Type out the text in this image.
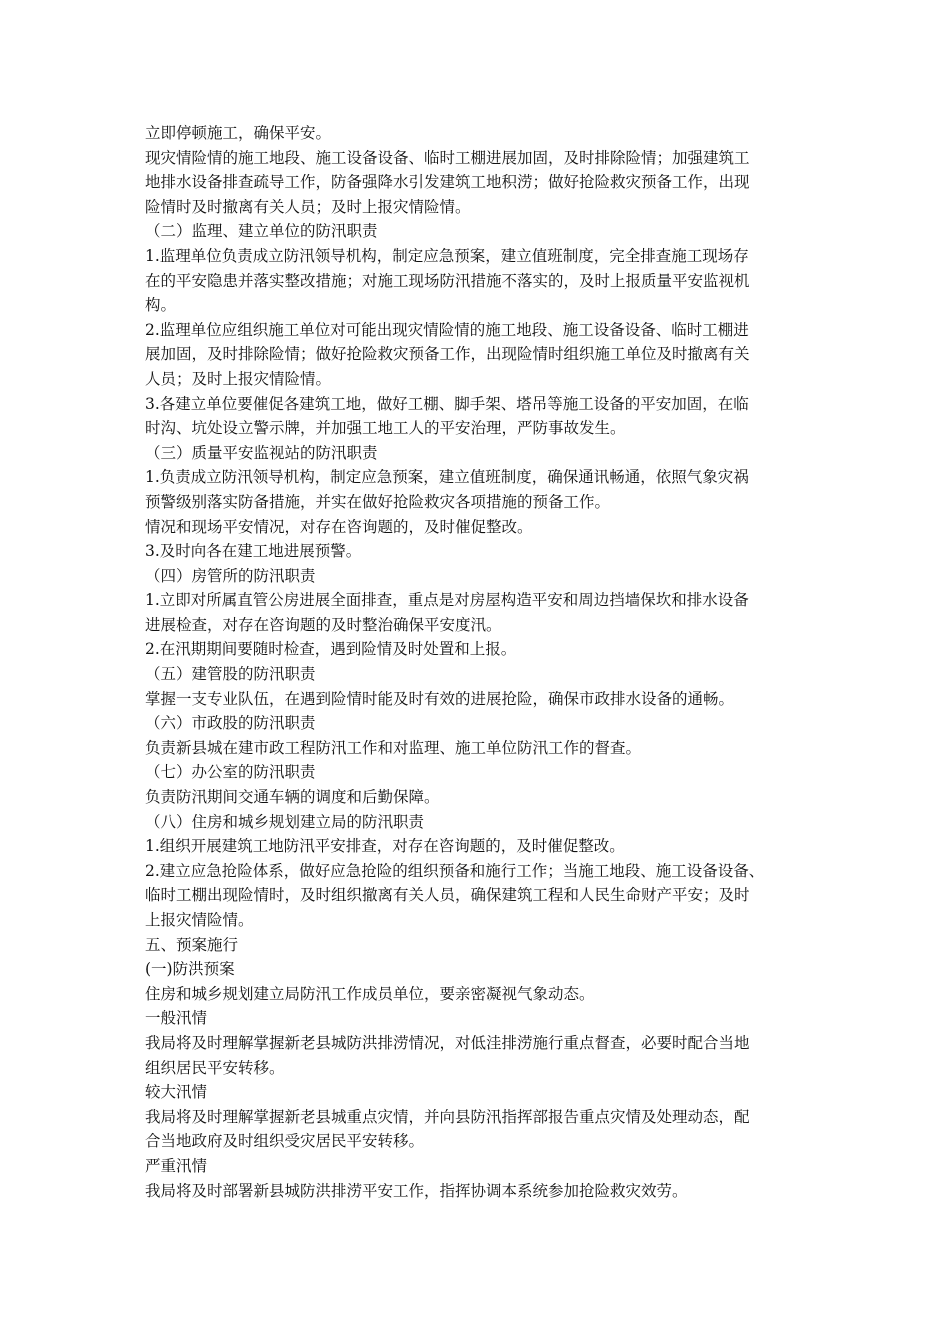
立即停顿施工，确保平安。
现灾情险情的施工地段、施工设备设备、临时工棚进展加固，及时排除险情；加强建筑工
地排水设备排查疏导工作，防备强降水引发建筑工地积涝；做好抢险救灾预备工作，出现
险情时及时撤离有关人员；及时上报灾情险情。
（二）监理、建立单位的防汛职责
1.监理单位负责成立防汛领导机构，制定应急预案，建立值班制度，完全排查施工现场存
在的平安隐患并落实整改措施；对施工现场防汛措施不落实的，及时上报质量平安监视机
构。
2.监理单位应组织施工单位对可能出现灾情险情的施工地段、施工设备设备、临时工棚进
展加固，及时排除险情；做好抢险救灾预备工作，出现险情时组织施工单位及时撤离有关
人员；及时上报灾情险情。
3.各建立单位要催促各建筑工地，做好工棚、脚手架、塔吊等施工设备的平安加固，在临
时沟、坑处设立警示牌，并加强工地工人的平安治理，严防事故发生。
（三）质量平安监视站的防汛职责
1.负责成立防汛领导机构，制定应急预案，建立值班制度，确保通讯畅通，依照气象灾祸
预警级别落实防备措施，并实在做好抢险救灾各项措施的预备工作。
情况和现场平安情况，对存在咨询题的，及时催促整改。
3.及时向各在建工地进展预警。
（四）房管所的防汛职责
1.立即对所属直管公房进展全面排查，重点是对房屋构造平安和周边挡墙保坎和排水设备
进展检查，对存在咨询题的及时整治确保平安度汛。
2.在汛期期间要随时检查，遇到险情及时处置和上报。
（五）建管股的防汛职责
掌握一支专业队伍，在遇到险情时能及时有效的进展抢险，确保市政排水设备的通畅。
（六）市政股的防汛职责
负责新县城在建市政工程防汛工作和对监理、施工单位防汛工作的督查。
（七）办公室的防汛职责
负责防汛期间交通车辆的调度和后勤保障。
（八）住房和城乡规划建立局的防汛职责
1.组织开展建筑工地防汛平安排查，对存在咨询题的，及时催促整改。
2.建立应急抢险体系，做好应急抢险的组织预备和施行工作；当施工地段、施工设备设备、
临时工棚出现险情时，及时组织撤离有关人员，确保建筑工程和人民生命财产平安；及时
上报灾情险情。
五、预案施行
(一)防洪预案
住房和城乡规划建立局防汛工作成员单位，要亲密凝视气象动态。
一般汛情
我局将及时理解掌握新老县城防洪排涝情况，对低洼排涝施行重点督查，必要时配合当地
组织居民平安转移。
较大汛情
我局将及时理解掌握新老县城重点灾情，并向县防汛指挥部报告重点灾情及处理动态，配
合当地政府及时组织受灾居民平安转移。
严重汛情
我局将及时部署新县城防洪排涝平安工作，指挥协调本系统参加抢险救灾效劳。
